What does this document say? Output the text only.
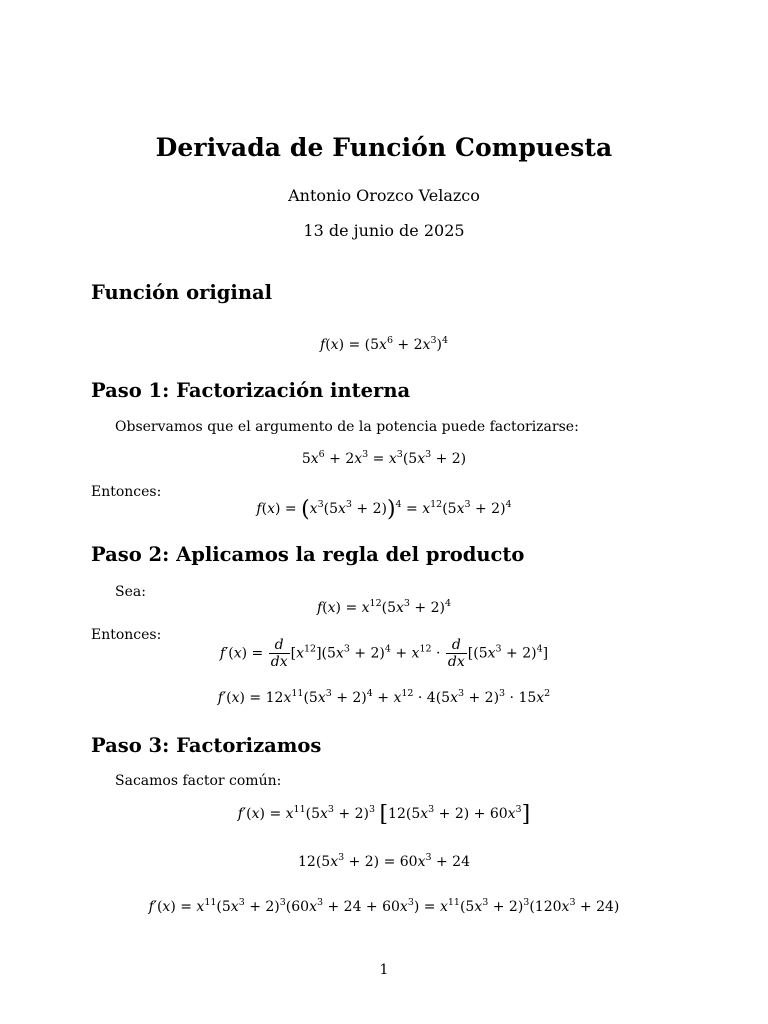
Derivada de Función Compuesta
Antonio Orozco Velazco
13 de junio de 2025
Función original
$f(x) = (5x^6 + 2x^3)^4$
Paso 1: Factorización interna
Observamos que el argumento de la potencia puede factorizarse:
$5x^6 + 2x^3 = x^3(5x^3 + 2)$
Entonces:
$f(x) = (x^3(5x^3 + 2))^4 = x^{12}(5x^3 + 2)^4$
Paso 2: Aplicamos la regla del producto
Sea:
$f(x) = x^{12}(5x^3 + 2)^4$
Entonces:
$f'(x) = \frac{d}{dx} [x^{12}](5x^3 + 2)^4 + x^{12} \cdot \frac{d}{dx} [(5x^3 + 2)^4]$
$f'(x) = 12x^{11}(5x^3 + 2)^4 + x^{12} \cdot 4(5x^3 + 2)^3 \cdot 15x^2$
Paso 3: Factorizamos
Sacamos factor común:
$f'(x) = x^{11}(5x^3 + 2)^3$ $[12(5x^3 + 2) + 60x^3]$
$12(5x^3 + 2) = 60x^3 + 24$
$f'(x) = x^{11}(5x^3 + 2)^3(60x^3 + 24 + 60x^3) = x^{11}(5x^3 + 2)^3(120x^3 + 24)$
1
